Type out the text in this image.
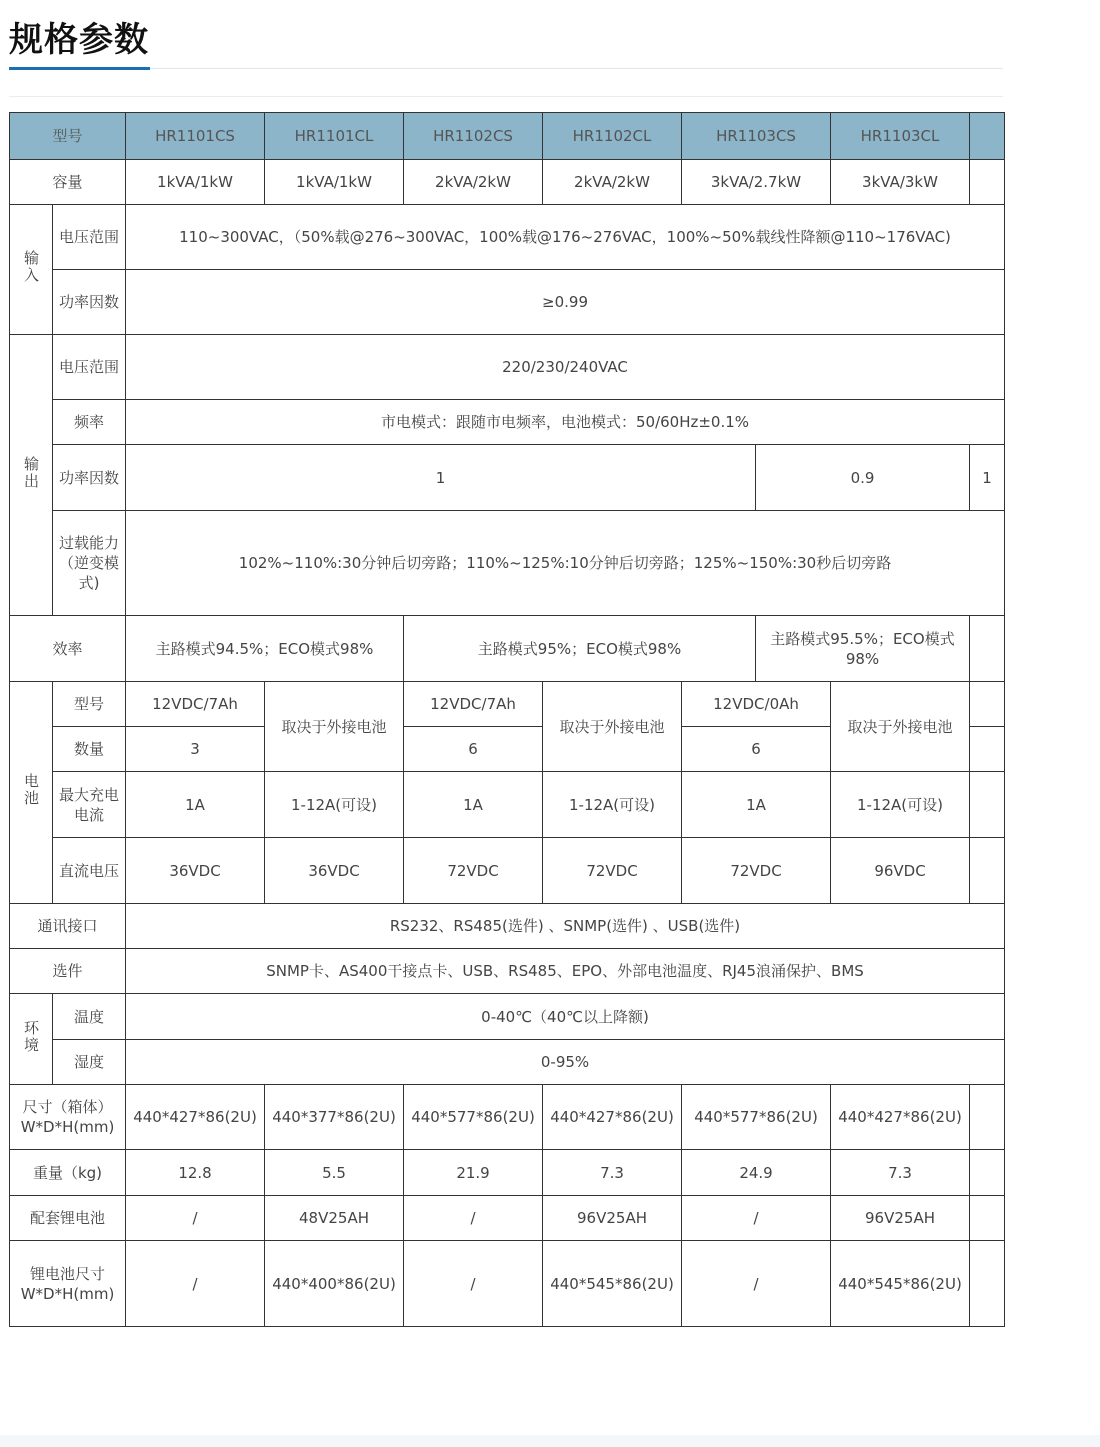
规格参数
型号		HR1101CS	HR1101CL	HR1102CS	HR1102CL	HR1103CS		HR1103CL	
容量		1kVA/1kW	1kVA/1kW	2kVA/2kW	2kVA/2kW	3kVA/2.7kW		3kVA/3kW	
输入	电压范围	110~300VAC，（50%载@276~300VAC，100%载@176~276VAC，100%~50%载线性降额@110~176VAC)							
	功率因数	≥0.99							
输出	电压范围	220/230/240VAC							
	频率	市电模式：跟随市电频率，电池模式：50/60Hz±0.1%							
	功率因数	1					0.9		1
	过载能力（逆变模式)	102%~110%:30分钟后切旁路；110%~125%:10分钟后切旁路；125%~150%:30秒后切旁路							
效率		主路模式94.5%；ECO模式98%		主路模式95%；ECO模式98%			主路模式95.5%；ECO模式98%		
电池	型号	12VDC/7Ah	取决于外接电池	12VDC/7Ah	取决于外接电池	12VDC/0Ah		取决于外接电池	
	数量	3		6		6			
	最大充电电流	1A	1-12A(可设)	1A	1-12A(可设)	1A		1-12A(可设)	
	直流电压	36VDC	36VDC	72VDC	72VDC	72VDC		96VDC	
通讯接口		RS232、RS485(选件) 、SNMP(选件) 、USB(选件)							
选件		SNMP卡、AS400干接点卡、USB、RS485、EPO、外部电池温度、RJ45浪涌保护、BMS							
环境	温度	0-40℃（40℃以上降额)							
	湿度	0-95%							
尺寸（箱体）W*D*H(mm)		440*427*86(2U)	440*377*86(2U)	440*577*86(2U)	440*427*86(2U)	440*577*86(2U)		440*427*86(2U)	
重量（kg)		12.8	5.5	21.9	7.3	24.9		7.3	
配套锂电池		/	48V25AH	/	96V25AH	/		96V25AH	
锂电池尺寸W*D*H(mm)		/	440*400*86(2U)	/	440*545*86(2U)	/		440*545*86(2U)	
